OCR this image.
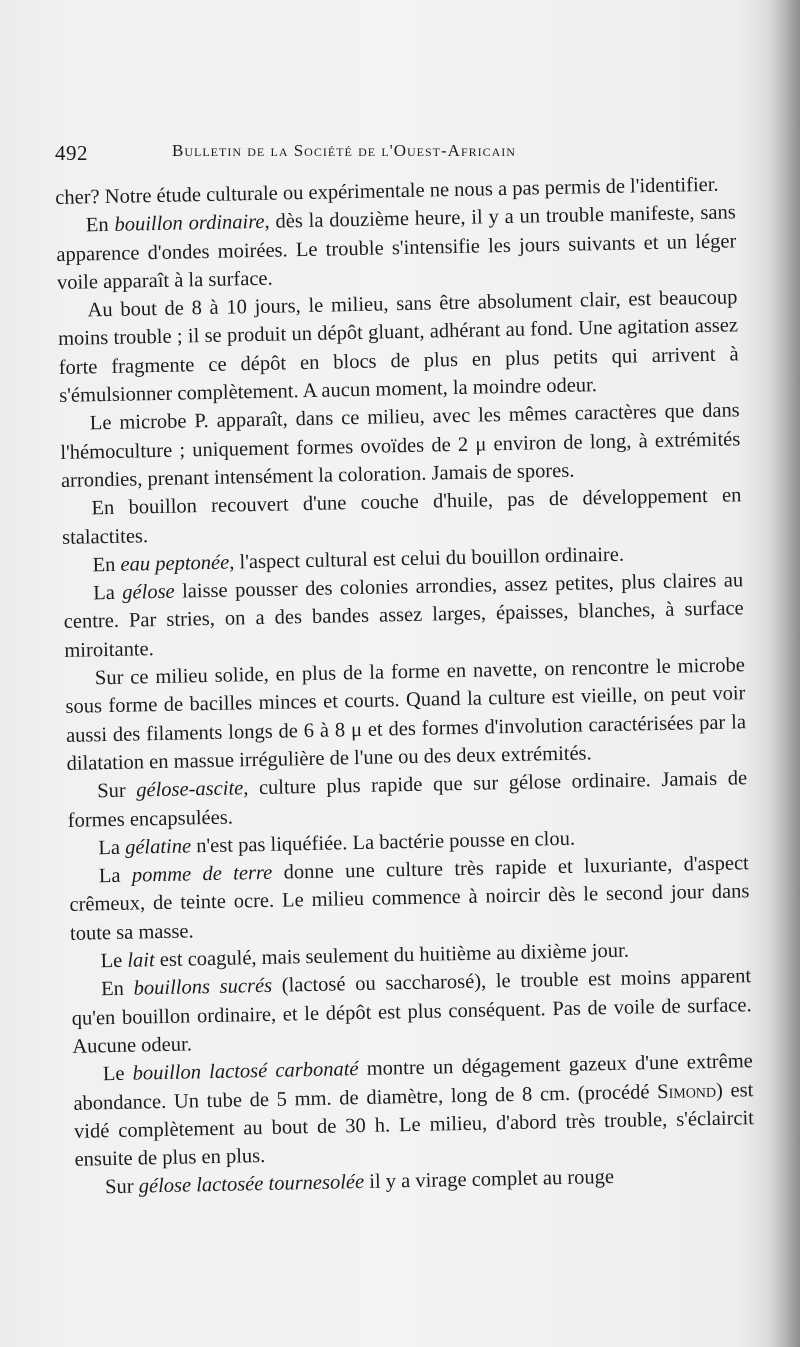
492	Bulletin de la Société de l'Ouest-Africain

cher? Notre étude culturale ou expérimentale ne nous a pas permis de l'identifier.

En bouillon ordinaire, dès la douzième heure, il y a un trouble manifeste, sans apparence d'ondes moirées. Le trouble s'intensifie les jours suivants et un léger voile apparaît à la surface.

Au bout de 8 à 10 jours, le milieu, sans être absolument clair, est beaucoup moins trouble ; il se produit un dépôt gluant, adhérant au fond. Une agitation assez forte fragmente ce dépôt en blocs de plus en plus petits qui arrivent à s'émulsionner complètement. A aucun moment, la moindre odeur.

Le microbe P. apparaît, dans ce milieu, avec les mêmes caractères que dans l'hémoculture ; uniquement formes ovoïdes de 2 μ environ de long, à extrémités arrondies, prenant intensément la coloration. Jamais de spores.

En bouillon recouvert d'une couche d'huile, pas de développement en stalactites.

En eau peptonée, l'aspect cultural est celui du bouillon ordinaire.

La gélose laisse pousser des colonies arrondies, assez petites, plus claires au centre. Par stries, on a des bandes assez larges, épaisses, blanches, à surface miroitante.

Sur ce milieu solide, en plus de la forme en navette, on rencontre le microbe sous forme de bacilles minces et courts. Quand la culture est vieille, on peut voir aussi des filaments longs de 6 à 8 μ et des formes d'involution caractérisées par la dilatation en massue irrégulière de l'une ou des deux extrémités.

Sur gélose-ascite, culture plus rapide que sur gélose ordinaire. Jamais de formes encapsulées.

La gélatine n'est pas liquéfiée. La bactérie pousse en clou.

La pomme de terre donne une culture très rapide et luxuriante, d'aspect crêmeux, de teinte ocre. Le milieu commence à noircir dès le second jour dans toute sa masse.

Le lait est coagulé, mais seulement du huitième au dixième jour.

En bouillons sucrés (lactosé ou saccharosé), le trouble est moins apparent qu'en bouillon ordinaire, et le dépôt est plus conséquent. Pas de voile de surface. Aucune odeur.

Le bouillon lactosé carbonaté montre un dégagement gazeux d'une extrême abondance. Un tube de 5 mm. de diamètre, long de 8 cm. (procédé Simond) est vidé complètement au bout de 30 h. Le milieu, d'abord très trouble, s'éclaircit ensuite de plus en plus.

Sur gélose lactosée tournesolée il y a virage complet au rouge
